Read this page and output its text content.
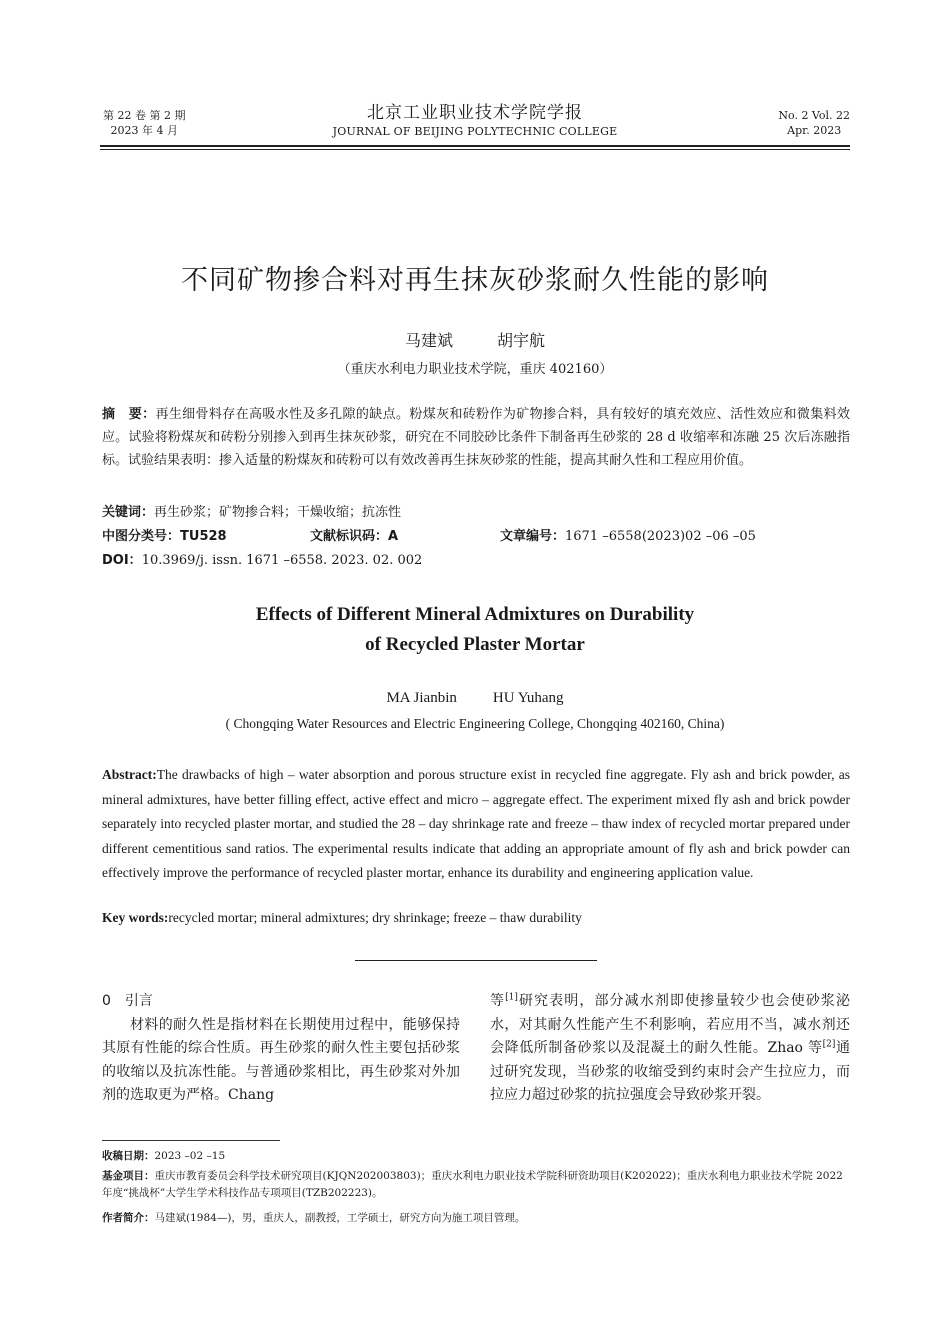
第 22 卷 第 2 期
2023 年 4 月
北京工业职业技术学院学报
JOURNAL OF BEIJING POLYTECHNIC COLLEGE
No. 2 Vol. 22
Apr. 2023
不同矿物掺合料对再生抹灰砂浆耐久性能的影响
马建斌	胡宇航
（重庆水利电力职业技术学院，重庆 402160）
摘　要：再生细骨料存在高吸水性及多孔隙的缺点。粉煤灰和砖粉作为矿物掺合料，具有较好的填充效应、活性效应和微集料效应。试验将粉煤灰和砖粉分别掺入到再生抹灰砂浆，研究在不同胶砂比条件下制备再生砂浆的 28 d 收缩率和冻融 25 次后冻融指标。试验结果表明：掺入适量的粉煤灰和砖粉可以有效改善再生抹灰砂浆的性能，提高其耐久性和工程应用价值。
关键词：再生砂浆；矿物掺合料；干燥收缩；抗冻性
中图分类号：TU528	文献标识码：A	文章编号：1671 –6558(2023)02 –06 –05
DOI：10.3969/j. issn. 1671 –6558. 2023. 02. 002
Effects of Different Mineral Admixtures on Durability
of Recycled Plaster Mortar
MA Jianbin HU Yuhang
( Chongqing Water Resources and Electric Engineering College, Chongqing 402160, China)
Abstract:The drawbacks of high – water absorption and porous structure exist in recycled fine aggregate. Fly ash and brick powder, as mineral admixtures, have better filling effect, active effect and micro – aggregate effect. The experiment mixed fly ash and brick powder separately into recycled plaster mortar, and studied the 28 – day shrinkage rate and freeze – thaw index of recycled mortar prepared under different cementitious sand ratios. The experimental results indicate that adding an appropriate amount of fly ash and brick powder can effectively improve the performance of recycled plaster mortar, enhance its durability and engineering application value.
Key words:recycled mortar; mineral admixtures; dry shrinkage; freeze – thaw durability
0　引言
材料的耐久性是指材料在长期使用过程中，能够保持其原有性能的综合性质。再生砂浆的耐久性主要包括砂浆的收缩以及抗冻性能。与普通砂浆相比，再生砂浆对外加剂的选取更为严格。Chang
等[1]研究表明，部分减水剂即使掺量较少也会使砂浆泌水，对其耐久性能产生不利影响，若应用不当，减水剂还会降低所制备砂浆以及混凝土的耐久性能。Zhao 等[2]通过研究发现，当砂浆的收缩受到约束时会产生拉应力，而拉应力超过砂浆的抗拉强度会导致砂浆开裂。
收稿日期：2023 –02 –15
基金项目：重庆市教育委员会科学技术研究项目(KJQN202003803)；重庆水利电力职业技术学院科研资助项目(K202022)；重庆水利电力职业技术学院 2022 年度“挑战杯”大学生学术科技作品专项项目(TZB202223)。
作者简介：马建斌(1984—)，男，重庆人，副教授，工学硕士，研究方向为施工项目管理。
